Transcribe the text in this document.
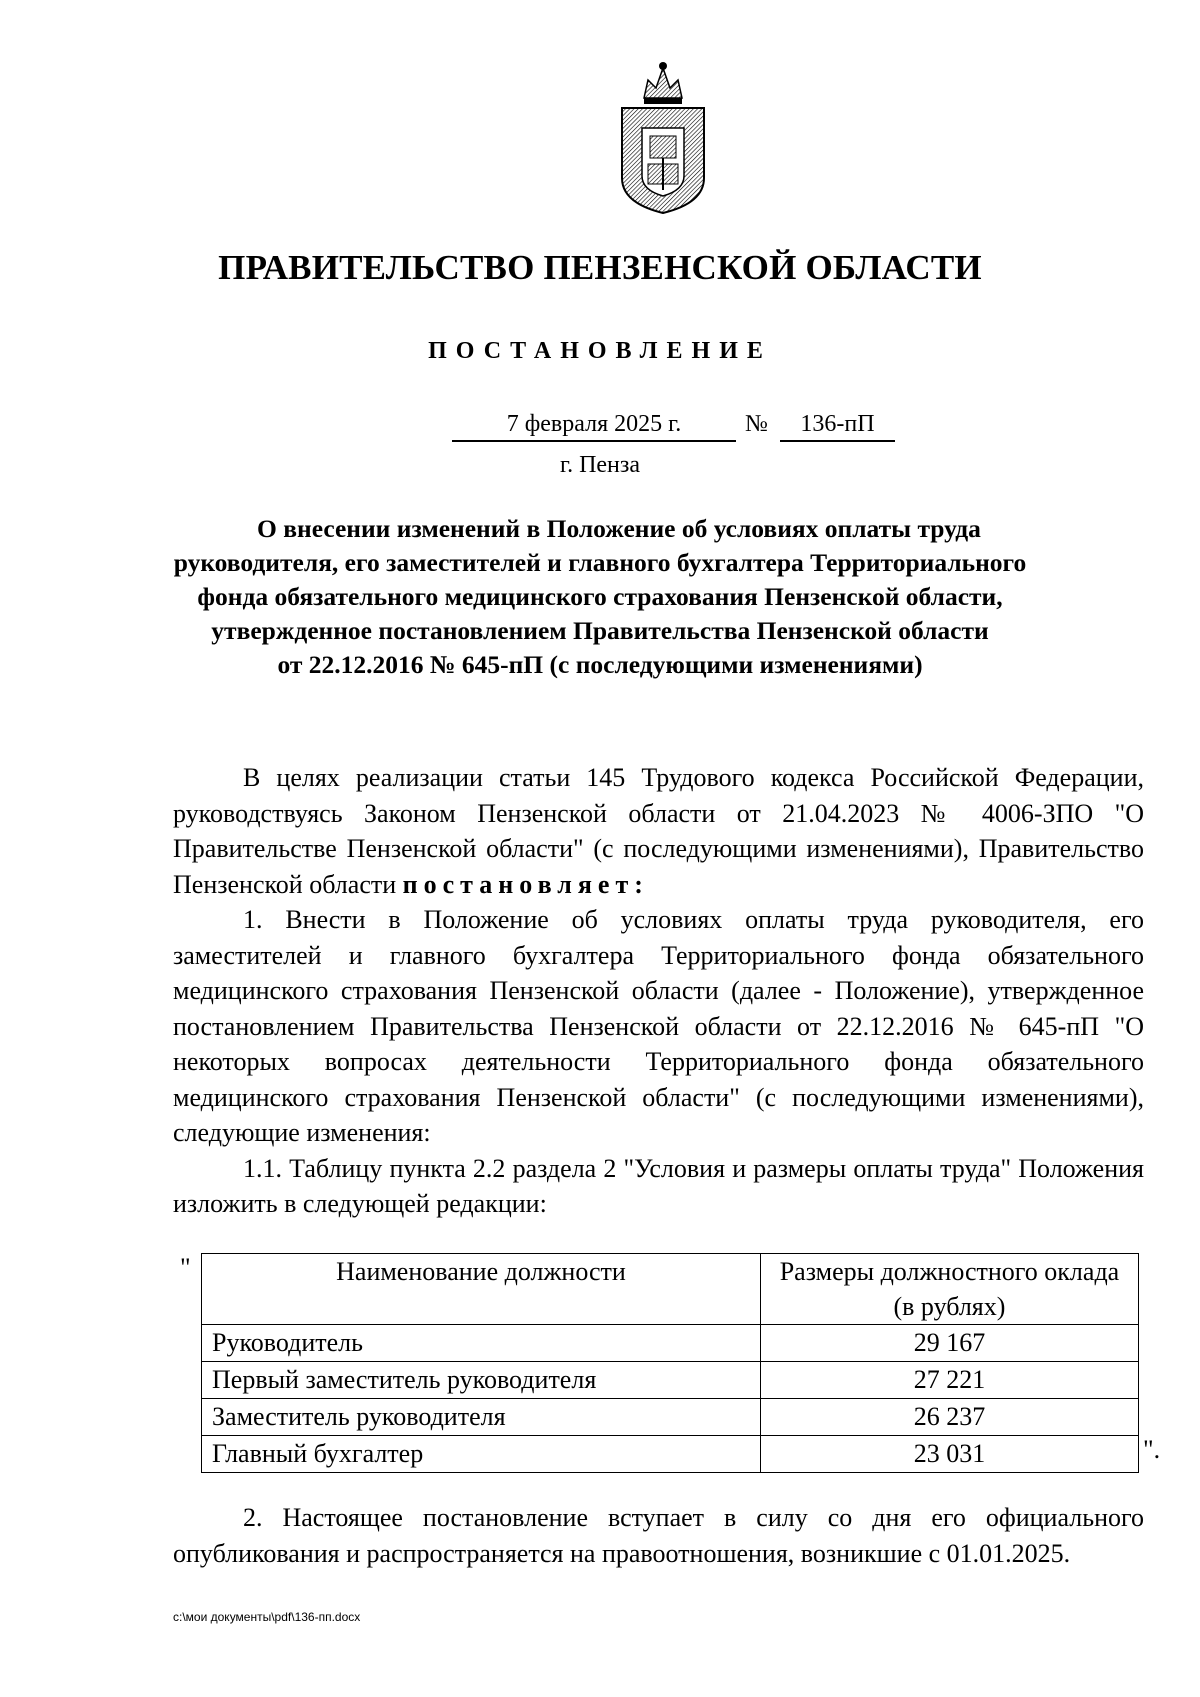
ПРАВИТЕЛЬСТВО ПЕНЗЕНСКОЙ ОБЛАСТИ
ПОСТАНОВЛЕНИЕ
7 февраля 2025 г.	№	136-пП
г. Пенза
О внесении изменений в Положение об условиях оплаты труда
руководителя, его заместителей и главного бухгалтера Территориального
фонда обязательного медицинского страхования Пензенской области,
утвержденное постановлением Правительства Пензенской области
от 22.12.2016 № 645-пП (с последующими изменениями)

В целях реализации статьи 145 Трудового кодекса Российской Федерации, руководствуясь Законом Пензенской области от 21.04.2023 № 4006-ЗПО "О Правительстве Пензенской области" (с последующими изменениями), Правительство Пензенской области постановляет:

1. Внести в Положение об условиях оплаты труда руководителя, его заместителей и главного бухгалтера Территориального фонда обязательного медицинского страхования Пензенской области (далее - Положение), утвержденное постановлением Правительства Пензенской области от 22.12.2016 № 645-пП "О некоторых вопросах деятельности Территориального фонда обязательного медицинского страхования Пензенской области" (с последующими изменениями), следующие изменения:

1.1. Таблицу пункта 2.2 раздела 2 "Условия и размеры оплаты труда" Положения изложить в следующей редакции:

"	Наименование должности	Размеры должностного оклада (в рублях)
Руководитель	29 167
Первый заместитель руководителя	27 221
Заместитель руководителя	26 237
Главный бухгалтер	23 031	".

2. Настоящее постановление вступает в силу со дня его официального опубликования и распространяется на правоотношения, возникшие с 01.01.2025.

c:\мои документы\pdf\136-пп.docx
